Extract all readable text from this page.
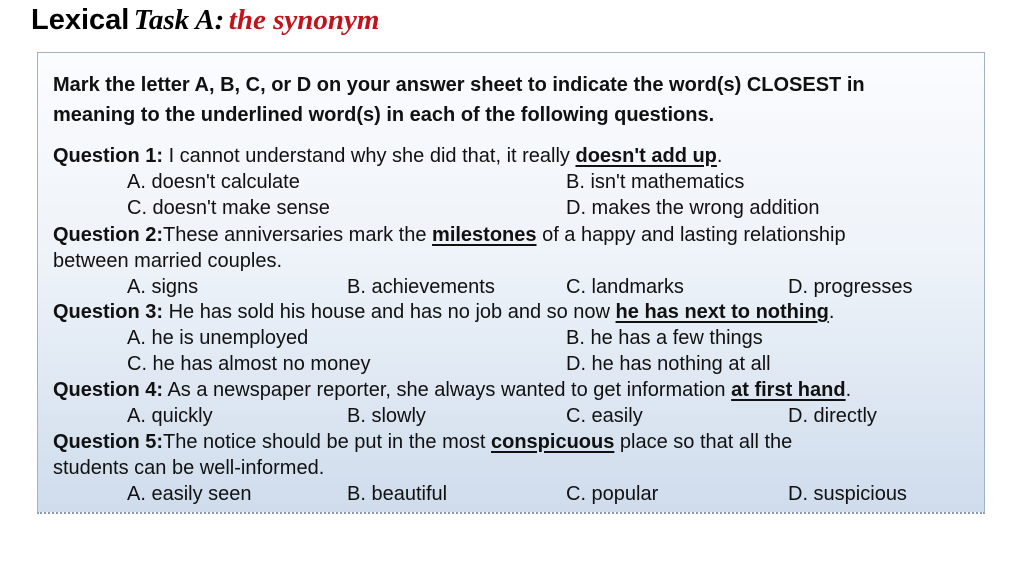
Lexical Task A: the synonym
Mark the letter A, B, C, or D on your answer sheet to indicate the word(s) CLOSEST in
meaning to the underlined word(s) in each of the following questions.
Question 1: I cannot understand why she did that, it really doesn't add up.
A. doesn't calculate	B. isn't mathematics
C. doesn't make sense	D. makes the wrong addition
Question 2:These anniversaries mark the milestones of a happy and lasting relationship
between married couples.
A. signs	B. achievements	C. landmarks	D. progresses
Question 3: He has sold his house and has no job and so now he has next to nothing.
A. he is unemployed	B. he has a few things
C. he has almost no money	D. he has nothing at all
Question 4: As a newspaper reporter, she always wanted to get information at first hand.
A. quickly	B. slowly	C. easily	D. directly
Question 5:The notice should be put in the most conspicuous place so that all the
students can be well-informed.
A. easily seen	B. beautiful	C. popular	D. suspicious
